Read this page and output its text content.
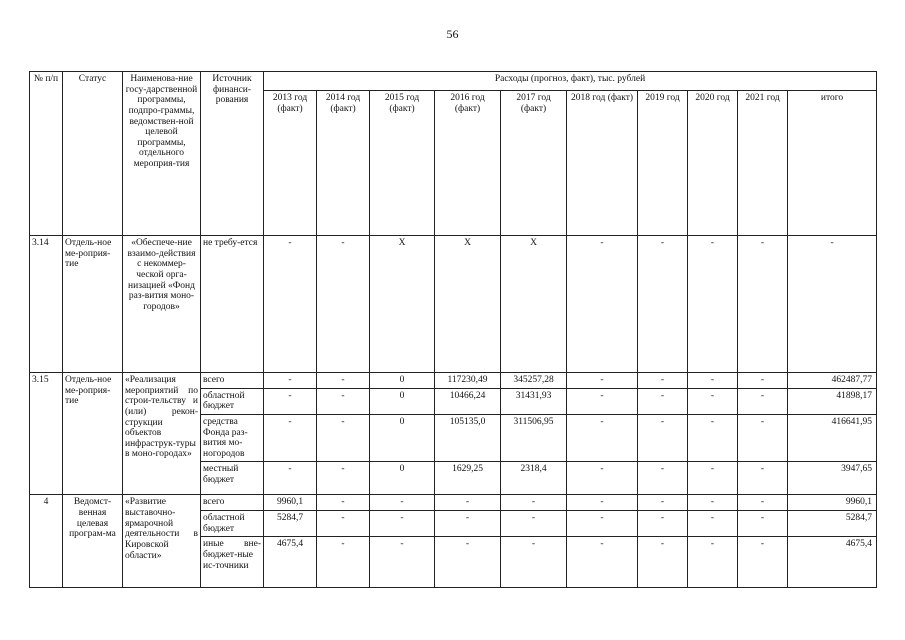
56
№ п/п	Статус	Наименова-ние госу-дарственной программы, подпро-граммы, ведомствен-ной целевой программы, отдельного мероприя-тия	Источник финанси-рования	Расходы (прогноз, факт), тыс. рублей									
				2013 год (факт)	2014 год (факт)	2015 год (факт)	2016 год (факт)	2017 год (факт)	2018 год (факт)	2019 год	2020 год	2021 год	итого
3.14	Отдель-ное ме-роприя-тие	«Обеспече-ние взаимо-действия с некоммер-ческой орга-низацией «Фонд раз-вития моно-городов»	не требу-ется	-	-	Х	Х	Х	-	-	-	-	-
3.15	Отдель-ное ме-роприя-тие	«Реализация мероприятий по строи-тельству и (или) рекон-струкции объектов инфраструк-туры в моно-городах»	всего	-	-	0	117230,49	345257,28	-	-	-	-	462487,77
			областной бюджет	-	-	0	10466,24	31431,93	-	-	-	-	41898,17
			средства Фонда раз-вития мо-ногородов	-	-	0	105135,0	311506,95	-	-	-	-	416641,95
			местный бюджет	-	-	0	1629,25	2318,4	-	-	-	-	3947,65
4	Ведомст-венная целевая програм-ма	«Развитие выставочно-ярмарочной деятельности в Кировской области»	всего	9960,1	-	-	-	-	-	-	-	-	9960,1
			областной бюджет	5284,7	-	-	-	-	-	-	-	-	5284,7
			иные вне-бюджет-ные ис-точники	4675,4	-	-	-	-	-	-	-	-	4675,4
